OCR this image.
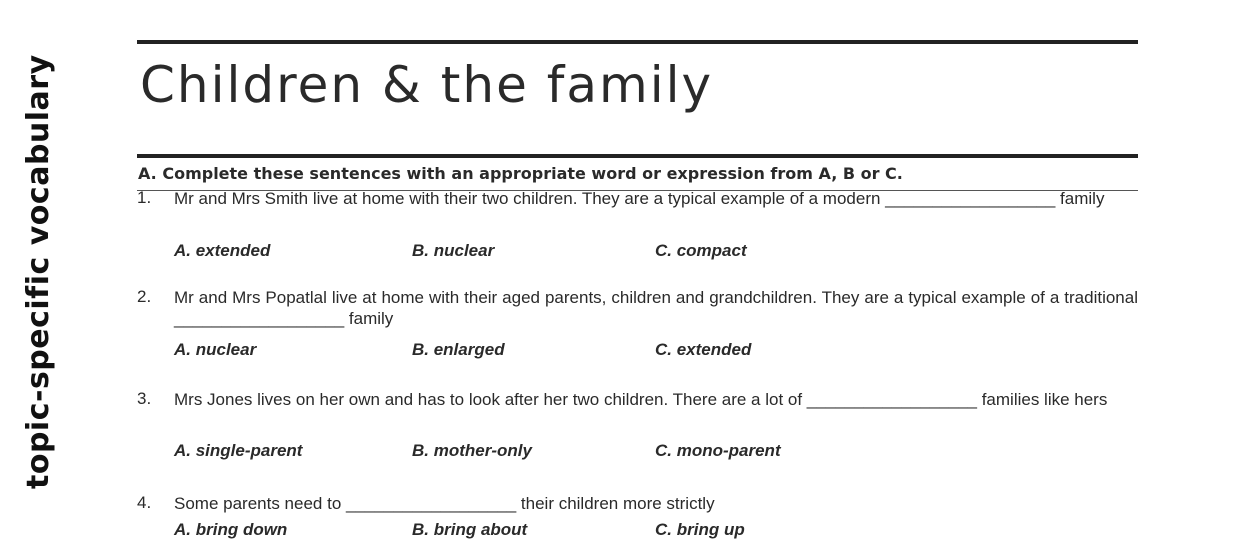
topic-specific vocabulary Children & the family
A. Complete these sentences with an appropriate word or expression from A, B or C.
1.	Mr and Mrs Smith live at home with their two children. They are a typical example of a modern __________________ family
A. extended	B. nuclear	C. compact
2.	Mr and Mrs Popatlal live at home with their aged parents, children and grandchildren. They are a typical example of a traditional __________________ family
A. nuclear	B. enlarged	C. extended
3.	Mrs Jones lives on her own and has to look after her two children. There are a lot of __________________ families like hers
A. single-parent	B. mother-only	C. mono-parent
4.	Some parents need to __________________ their children more strictly
A. bring down	B. bring about	C. bring up
